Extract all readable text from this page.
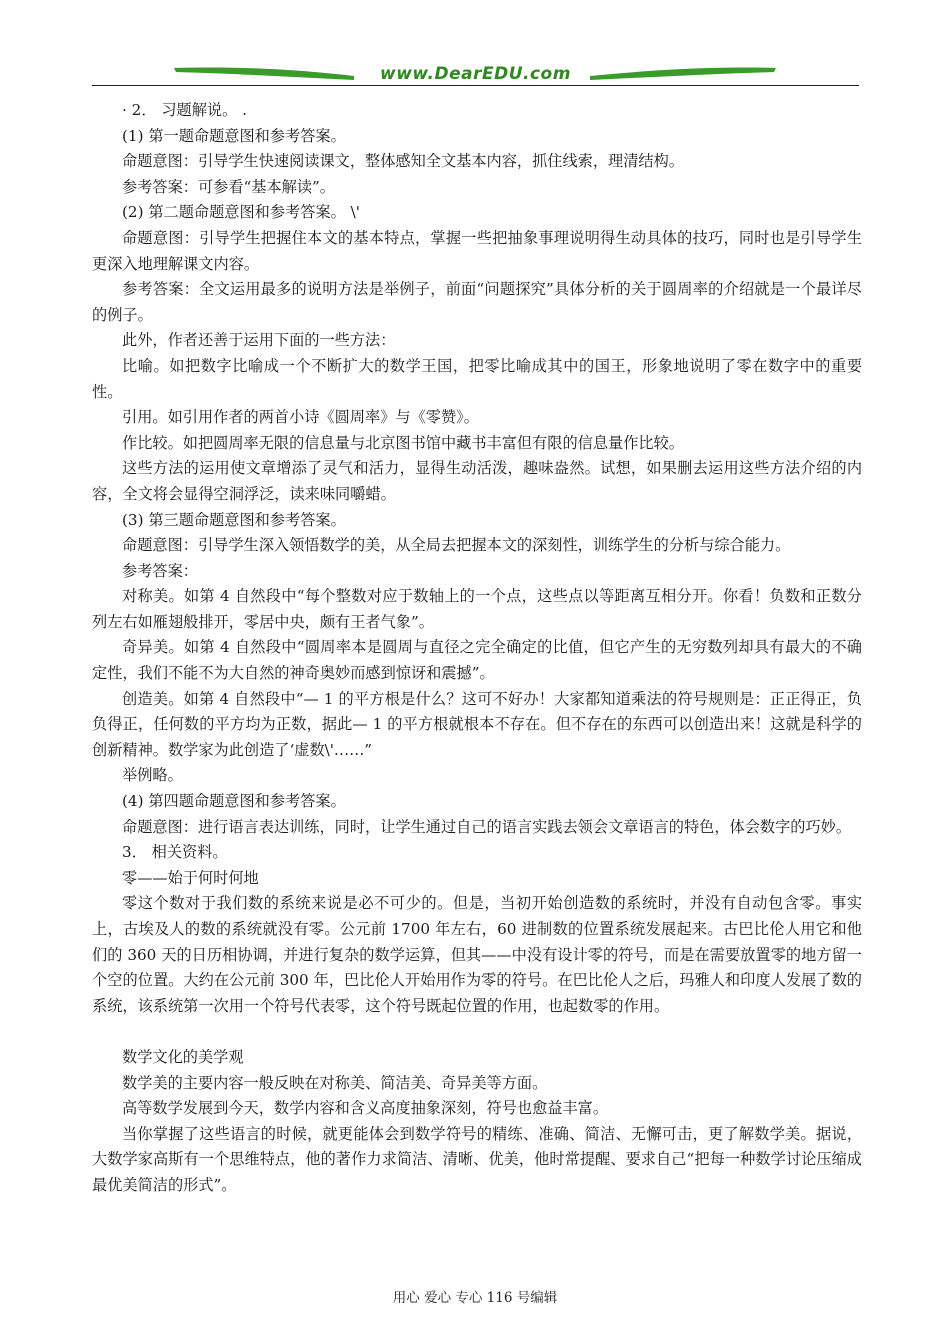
www.DearEDU.com

· 2． 习题解说。 .

(1) 第一题命题意图和参考答案。

命题意图：引导学生快速阅读课文，整体感知全文基本内容，抓住线索，理清结构。

参考答案：可参看“基本解读”。

(2) 第二题命题意图和参考答案。 \'

命题意图：引导学生把握住本文的基本特点，掌握一些把抽象事理说明得生动具体的技巧，同时也是引导学生更深入地理解课文内容。

参考答案：全文运用最多的说明方法是举例子，前面“问题探究”具体分析的关于圆周率的介绍就是一个最详尽的例子。

此外，作者还善于运用下面的一些方法：

比喻。如把数字比喻成一个不断扩大的数学王国，把零比喻成其中的国王，形象地说明了零在数字中的重要性。

引用。如引用作者的两首小诗《圆周率》与《零赞》。

作比较。如把圆周率无限的信息量与北京图书馆中藏书丰富但有限的信息量作比较。

这些方法的运用使文章增添了灵气和活力，显得生动活泼，趣味盎然。试想，如果删去运用这些方法介绍的内容，全文将会显得空洞浮泛，读来味同嚼蜡。

(3) 第三题命题意图和参考答案。

命题意图：引导学生深入领悟数学的美，从全局去把握本文的深刻性，训练学生的分析与综合能力。

参考答案：

对称美。如第 4 自然段中“每个整数对应于数轴上的一个点，这些点以等距离互相分开。你看！负数和正数分列左右如雁翅般排开，零居中央，颇有王者气象”。

奇异美。如第 4 自然段中“圆周率本是圆周与直径之完全确定的比值，但它产生的无穷数列却具有最大的不确定性，我们不能不为大自然的神奇奥妙而感到惊讶和震撼”。

创造美。如第 4 自然段中“— 1 的平方根是什么？这可不好办！大家都知道乘法的符号规则是：正正得正，负负得正，任何数的平方均为正数，据此— 1 的平方根就根本不存在。但不存在的东西可以创造出来！这就是科学的创新精神。数学家为此创造了‘虚数\'……”

举例略。

(4) 第四题命题意图和参考答案。

命题意图：进行语言表达训练，同时，让学生通过自己的语言实践去领会文章语言的特色，体会数字的巧妙。

3． 相关资料。

零——始于何时何地

零这个数对于我们数的系统来说是必不可少的。但是，当初开始创造数的系统时，并没有自动包含零。事实上，古埃及人的数的系统就没有零。公元前 1700 年左右，60 进制数的位置系统发展起来。古巴比伦人用它和他们的 360 天的日历相协调，并进行复杂的数学运算，但其——中没有设计零的符号，而是在需要放置零的地方留一个空的位置。大约在公元前 300 年，巴比伦人开始用作为零的符号。在巴比伦人之后，玛雅人和印度人发展了数的系统，该系统第一次用一个符号代表零，这个符号既起位置的作用，也起数零的作用。

数学文化的美学观

数学美的主要内容一般反映在对称美、简洁美、奇异美等方面。

高等数学发展到今天，数学内容和含义高度抽象深刻，符号也愈益丰富。

当你掌握了这些语言的时候，就更能体会到数学符号的精练、准确、简洁、无懈可击，更了解数学美。据说，大数学家高斯有一个思维特点，他的著作力求简洁、清晰、优美，他时常提醒、要求自己“把每一种数学讨论压缩成最优美简洁的形式”。

用心 爱心 专心 116 号编辑
